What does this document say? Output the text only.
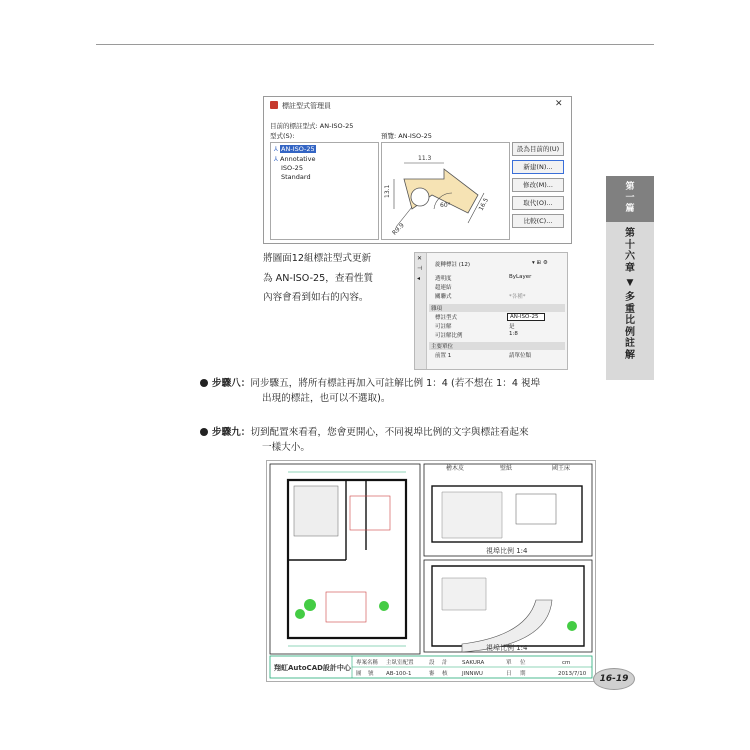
標註型式管理員	✕
目前的標註型式: AN-ISO-25
型式(S):	預覽: AN-ISO-25
⅄ AN-ISO-25
⅄ Annotative
ISO-25
Standard
11.3
13.1
16.5
60°
R9.9
設為目前的(U)
新建(N)...
修改(M)...
取代(O)...
比較(C)...
將圖面12組標註型式更新
為 AN-ISO-25，查看性質
內容會看到如右的內容。
✕
⊣
◂
旋轉標註 (12)	▾ ⊞ ⚙
透明度	ByLayer
超連結
關聯式	*各種*
雜項
標註型式	AN-ISO-25
可註解	是
可註解比例	1:8
主要單位
前置 1	請單位類
步驟八：同步驟五，將所有標註再加入可註解比例 1：4 (若不想在 1：4 視埠
出現的標註，也可以不選取)。
步驟九：切到配置來看看，您會更開心，不同視埠比例的文字與標註看起來
一樣大小。
檜木皮	壁紙	國王床
視埠比例 1:4
視埠比例 1:4
翔虹AutoCAD設計中心
專案名稱 主臥室配置	設 計	SAKURA	單 位	cm
圖 號 AB-100-1	審 核	JINNWU	日 期	2013/7/10
第一篇
第十六章
▼
多重比例註解
16-19
